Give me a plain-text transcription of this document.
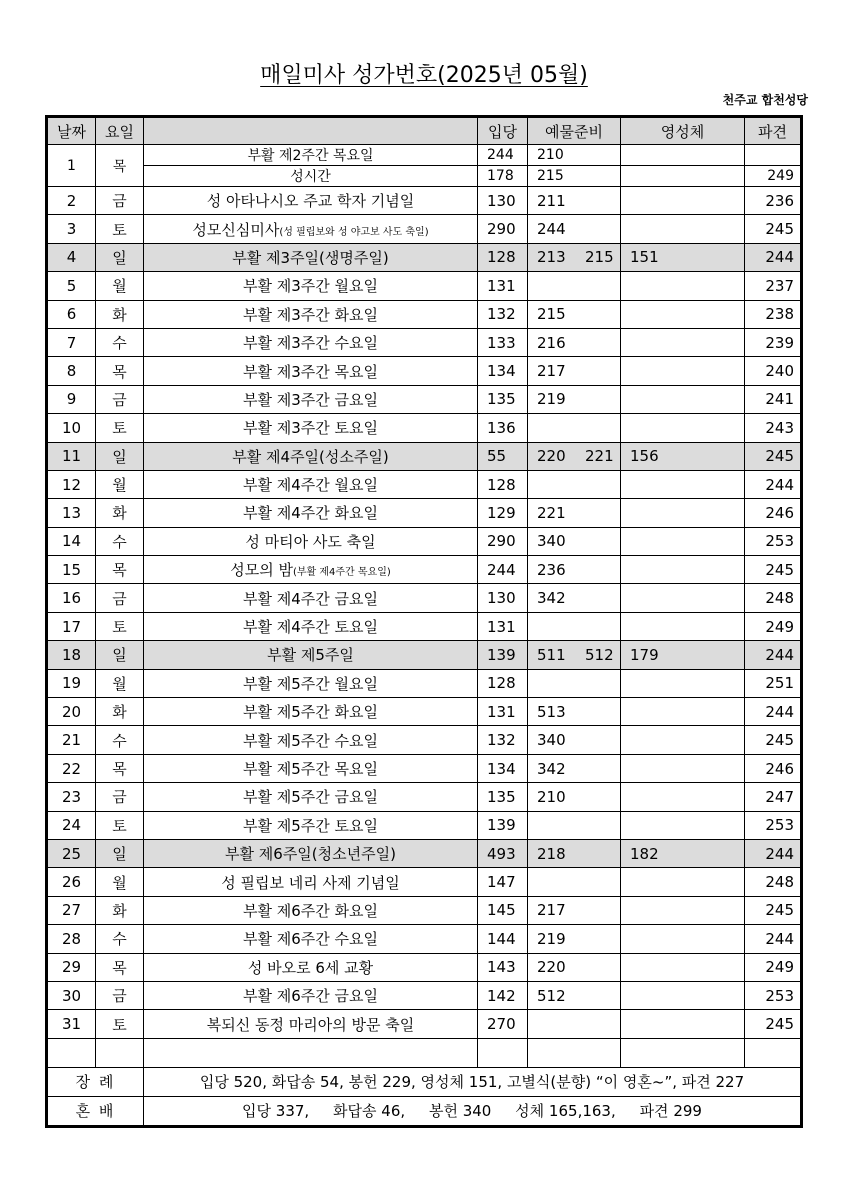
매일미사 성가번호(2025년 05월)
천주교 합천성당
날짜	요일		입당	예물준비	영성체	파견
1	목	부활 제2주간 목요일	244	210		
		성시간	178	215		249
2	금	성 아타나시오 주교 학자 기념일	130	211		236
3	토	성모신심미사(성 필립보와 성 야고보 사도 축일)	290	244		245
4	일	부활 제3주일(생명주일)	128	213 215	151	244
5	월	부활 제3주간 월요일	131			237
6	화	부활 제3주간 화요일	132	215		238
7	수	부활 제3주간 수요일	133	216		239
8	목	부활 제3주간 목요일	134	217		240
9	금	부활 제3주간 금요일	135	219		241
10	토	부활 제3주간 토요일	136			243
11	일	부활 제4주일(성소주일)	55	220 221	156	245
12	월	부활 제4주간 월요일	128			244
13	화	부활 제4주간 화요일	129	221		246
14	수	성 마티아 사도 축일	290	340		253
15	목	성모의 밤(부활 제4주간 목요일)	244	236		245
16	금	부활 제4주간 금요일	130	342		248
17	토	부활 제4주간 토요일	131			249
18	일	부활 제5주일	139	511 512	179	244
19	월	부활 제5주간 월요일	128			251
20	화	부활 제5주간 화요일	131	513		244
21	수	부활 제5주간 수요일	132	340		245
22	목	부활 제5주간 목요일	134	342		246
23	금	부활 제5주간 금요일	135	210		247
24	토	부활 제5주간 토요일	139			253
25	일	부활 제6주일(청소년주일)	493	218	182	244
26	월	성 필립보 네리 사제 기념일	147			248
27	화	부활 제6주간 화요일	145	217		245
28	수	부활 제6주간 수요일	144	219		244
29	목	성 바오로 6세 교황	143	220		249
30	금	부활 제6주간 금요일	142	512		253
31	토	복되신 동정 마리아의 방문 축일	270			245

장 례		입당 520, 화답송 54, 봉헌 229, 영성체 151, 고별식(분향) “이 영혼~”, 파견 227				
혼 배		입당 337,     화답송 46,     봉헌 340     성체 165,163,     파견 299				
